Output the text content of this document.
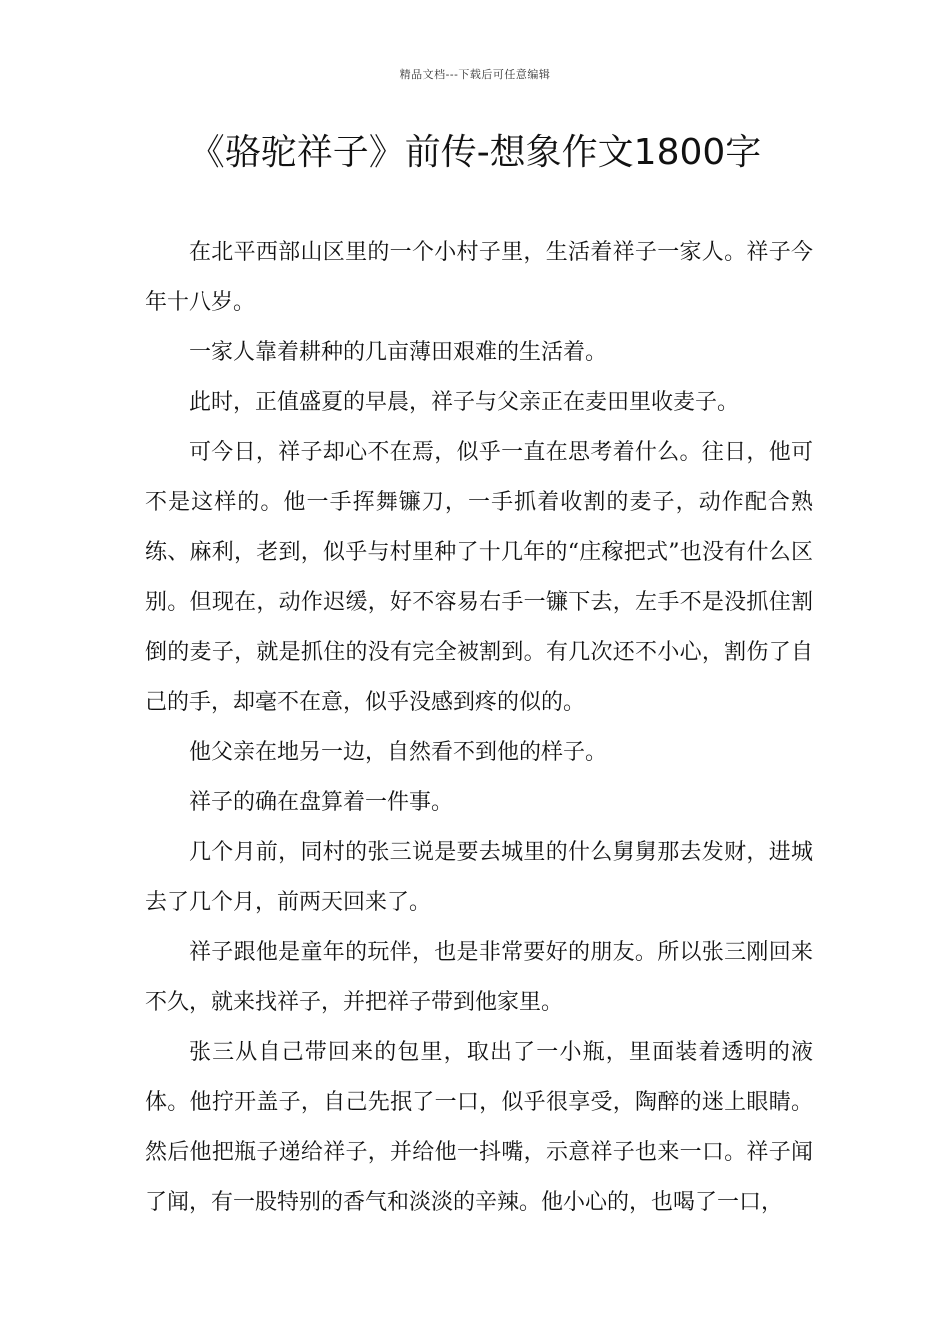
精品文档---下载后可任意编辑
《骆驼祥子》前传-想象作文1800字

在北平西部山区里的一个小村子里，生活着祥子一家人。祥子今年十八岁。

一家人靠着耕种的几亩薄田艰难的生活着。

此时，正值盛夏的早晨，祥子与父亲正在麦田里收麦子。

可今日，祥子却心不在焉，似乎一直在思考着什么。往日，他可不是这样的。他一手挥舞镰刀，一手抓着收割的麦子，动作配合熟练、麻利，老到，似乎与村里种了十几年的“庄稼把式”也没有什么区别。但现在，动作迟缓，好不容易右手一镰下去，左手不是没抓住割倒的麦子，就是抓住的没有完全被割到。有几次还不小心，割伤了自己的手，却毫不在意，似乎没感到疼的似的。

他父亲在地另一边，自然看不到他的样子。

祥子的确在盘算着一件事。

几个月前，同村的张三说是要去城里的什么舅舅那去发财，进城去了几个月，前两天回来了。

祥子跟他是童年的玩伴，也是非常要好的朋友。所以张三刚回来不久，就来找祥子，并把祥子带到他家里。

张三从自己带回来的包里，取出了一小瓶，里面装着透明的液体。他拧开盖子，自己先抿了一口，似乎很享受，陶醉的迷上眼睛。然后他把瓶子递给祥子，并给他一抖嘴，示意祥子也来一口。祥子闻了闻，有一股特别的香气和淡淡的辛辣。他小心的，也喝了一口，
